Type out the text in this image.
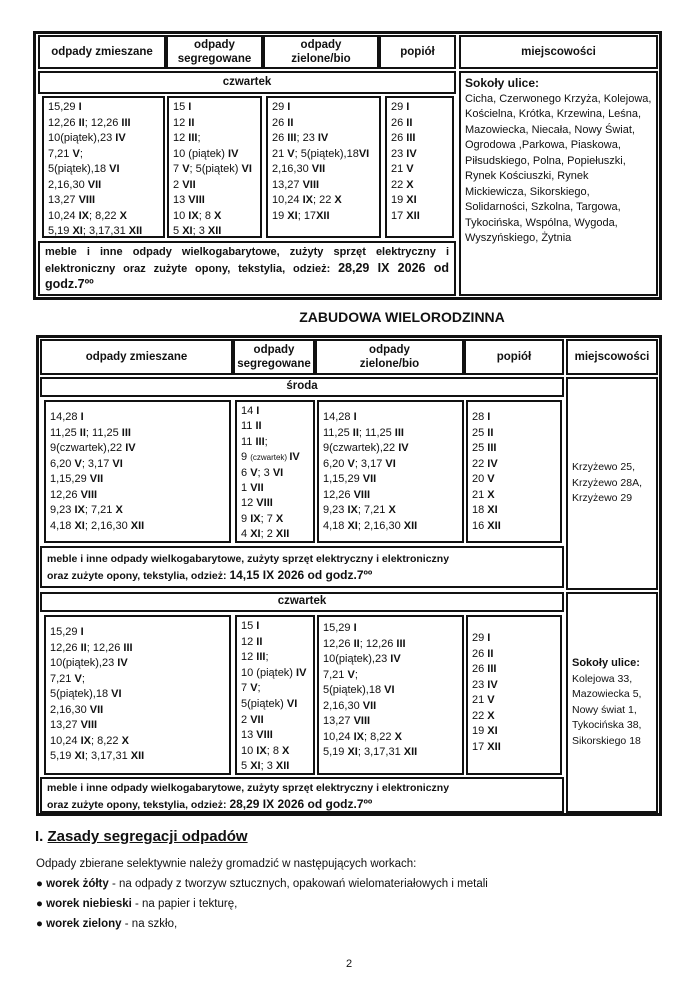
odpady zmieszane
odpady
segregowane
odpady
zielone/bio
popiół	miejscowości
czwartek
15,29 I
12,26 II; 12,26 III
10(piątek),23 IV
7,21 V;
5(piątek),18 VI
2,16,30 VII
13,27 VIII
10,24 IX; 8,22 X
5,19 XI; 3,17,31 XII
15 I
12 II
12 III;
10 (piątek) IV
7 V; 5(piątek) VI
2 VII
13 VIII
10 IX; 8 X
5 XI; 3 XII
29 I
26 II
26 III; 23 IV
21 V; 5(piątek),18VI
2,16,30 VII
13,27 VIII
10,24 IX; 22 X
19 XI; 17XII
29 I
26 II
26 III
23 IV
21 V
22 X
19 XI
17 XII
meble i inne odpady wielkogabarytowe, zużyty sprzęt elektryczny i elektroniczny oraz zużyte opony, tekstylia, odzież: 28,29 IX 2026 od godz.7ºº
Sokoły ulice:
Cicha, Czerwonego Krzyża, Kolejowa, Kościelna, Krótka, Krzewina, Leśna, Mazowiecka, Niecała, Nowy Świat, Ogrodowa ,Parkowa, Piaskowa, Piłsudskiego, Polna, Popiełuszki, Rynek Kościuszki, Rynek Mickiewicza, Sikorskiego, Solidarności, Szkolna, Targowa, Tykocińska, Wspólna, Wygoda, Wyszyńskiego, Żytnia
ZABUDOWA WIELORODZINNA
odpady zmieszane
odpady
segregowane
odpady
zielone/bio
popiół	miejscowości
środa
14,28 I
11,25 II; 11,25 III
9(czwartek),22 IV
6,20 V; 3,17 VI
1,15,29 VII
12,26 VIII
9,23 IX; 7,21 X
4,18 XI; 2,16,30 XII
14 I
11 II
11 III;
9 (czwartek) IV
6 V; 3 VI
1 VII
12 VIII
9 IX; 7 X
4 XI; 2 XII
14,28 I
11,25 II; 11,25 III
9(czwartek),22 IV
6,20 V; 3,17 VI
1,15,29 VII
12,26 VIII
9,23 IX; 7,21 X
4,18 XI; 2,16,30 XII
28 I
25 II
25 III
22 IV
20 V
21 X
18 XI
16 XII
meble i inne odpady wielkogabarytowe, zużyty sprzęt elektryczny i elektroniczny
oraz zużyte opony, tekstylia, odzież: 14,15 IX 2026 od godz.7ºº
Krzyżewo 25,
Krzyżewo 28A,
Krzyżewo 29
czwartek
15,29 I
12,26 II; 12,26 III
10(piątek),23 IV
7,21 V;
5(piątek),18 VI
2,16,30 VII
13,27 VIII
10,24 IX; 8,22 X
5,19 XI; 3,17,31 XII
15 I
12 II
12 III;
10 (piątek) IV
7 V;
5(piątek) VI
2 VII
13 VIII
10 IX; 8 X
5 XI; 3 XII
15,29 I
12,26 II; 12,26 III
10(piątek),23 IV
7,21 V;
5(piątek),18 VI
2,16,30 VII
13,27 VIII
10,24 IX; 8,22 X
5,19 XI; 3,17,31 XII
29 I
26 II
26 III
23 IV
21 V
22 X
19 XI
17 XII
meble i inne odpady wielkogabarytowe, zużyty sprzęt elektryczny i elektroniczny
oraz zużyte opony, tekstylia, odzież: 28,29 IX 2026 od godz.7ºº
Sokoły ulice:
Kolejowa 33,
Mazowiecka 5,
Nowy świat 1,
Tykocińska 38,
Sikorskiego 18
I. Zasady segregacji odpadów
Odpady zbierane selektywnie należy gromadzić w następujących workach:
● worek żółty - na odpady z tworzyw sztucznych, opakowań wielomateriałowych i metali
● worek niebieski - na papier i tekturę,
● worek zielony - na szkło,
2
